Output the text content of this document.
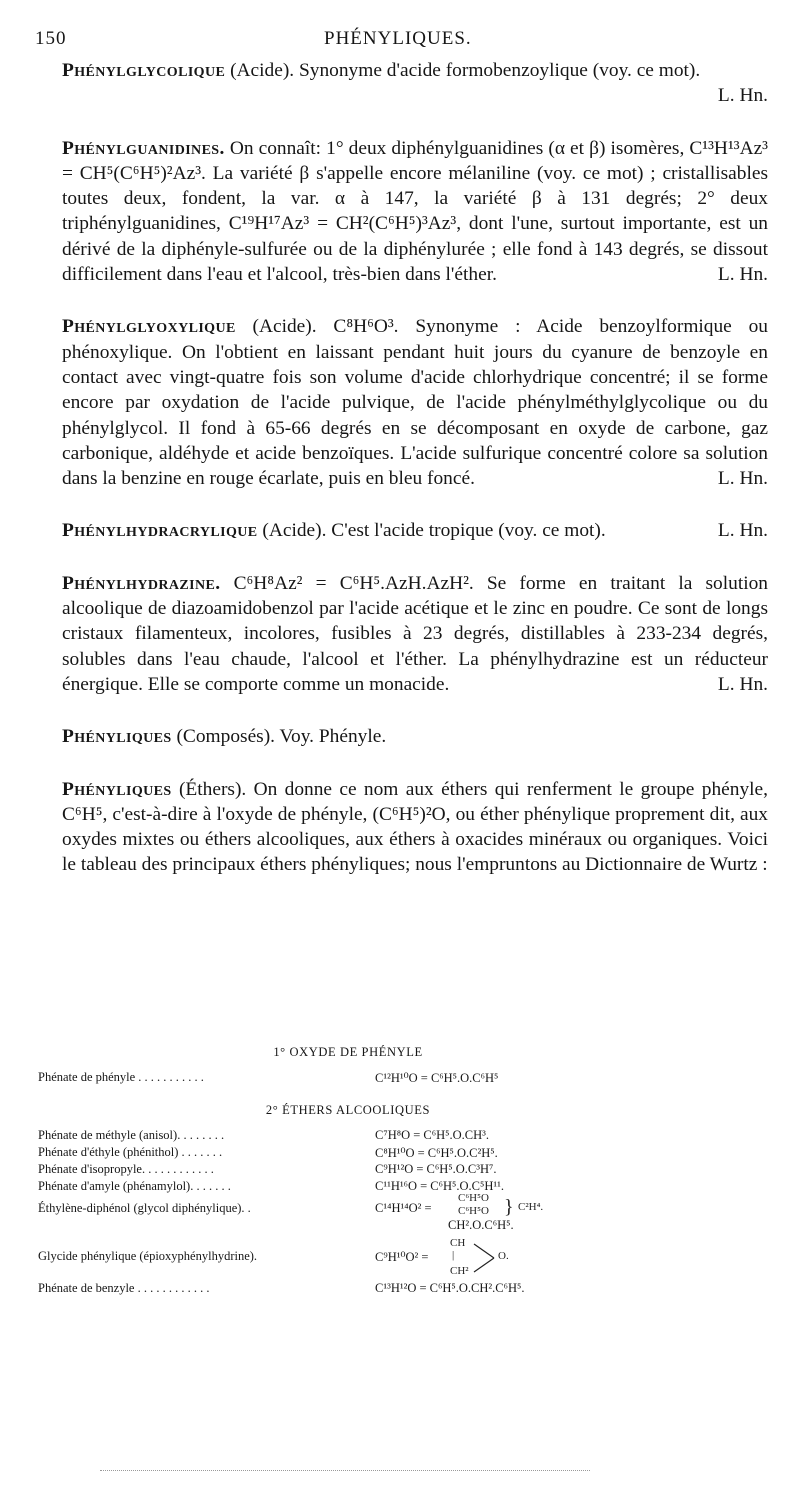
150	PHÉNYLIQUES.

Phénylglycolique (Acide). Synonyme d'acide formobenzoylique (voy. ce mot).
L. Hn.

Phénylguanidines. On connaît: 1° deux diphénylguanidines (α et β) isomères, C¹³H¹³Az³ = CH⁵(C⁶H⁵)²Az³. La variété β s'appelle encore mélaniline (voy. ce mot) ; cristallisables toutes deux, fondent, la var. α à 147, la variété β à 131 degrés; 2° deux triphénylguanidines, C¹⁹H¹⁷Az³ = CH²(C⁶H⁵)³Az³, dont l'une, surtout importante, est un dérivé de la diphényle-sulfurée ou de la diphénylurée ; elle fond à 143 degrés, se dissout difficilement dans l'eau et l'alcool, très-bien dans l'éther.	L. Hn.

Phénylglyoxylique (Acide). C⁸H⁶O³. Synonyme : Acide benzoylformique ou phénoxylique. On l'obtient en laissant pendant huit jours du cyanure de benzoyle en contact avec vingt-quatre fois son volume d'acide chlorhydrique concentré; il se forme encore par oxydation de l'acide pulvique, de l'acide phénylméthylglycolique ou du phénylglycol. Il fond à 65-66 degrés en se décomposant en oxyde de carbone, gaz carbonique, aldéhyde et acide benzoïques. L'acide sulfurique concentré colore sa solution dans la benzine en rouge écarlate, puis en bleu foncé.	L. Hn.

Phénylhydracrylique (Acide). C'est l'acide tropique (voy. ce mot).	L. Hn.

Phénylhydrazine. C⁶H⁸Az² = C⁶H⁵.AzH.AzH². Se forme en traitant la solution alcoolique de diazoamidobenzol par l'acide acétique et le zinc en poudre. Ce sont de longs cristaux filamenteux, incolores, fusibles à 23 degrés, distillables à 233-234 degrés, solubles dans l'eau chaude, l'alcool et l'éther. La phénylhydrazine est un réducteur énergique. Elle se comporte comme un monacide.	L. Hn.

Phényliques (Composés). Voy. Phényle.

Phényliques (Éthers). On donne ce nom aux éthers qui renferment le groupe phényle, C⁶H⁵, c'est-à-dire à l'oxyde de phényle, (C⁶H⁵)²O, ou éther phénylique proprement dit, aux oxydes mixtes ou éthers alcooliques, aux éthers à oxacides minéraux ou organiques. Voici le tableau des principaux éthers phényliques; nous l'empruntons au Dictionnaire de Wurtz :

1° OXYDE DE PHÉNYLE
Phénate de phényle . . . . . . . . . . .	C¹²H¹⁰O = C⁶H⁵.O.C⁶H⁵
2° ÉTHERS ALCOOLIQUES
Phénate de méthyle (anisol). . . . . . . .	C⁷H⁸O = C⁶H⁵.O.CH³.
Phénate d'éthyle (phénithol) . . . . . . .	C⁸H¹⁰O = C⁶H⁵.O.C²H⁵.
Phénate d'isopropyle. . . . . . . . . . . .	C⁹H¹²O = C⁶H⁵.O.C³H⁷.
Phénate d'amyle (phénamylol). . . . . . .	C¹¹H¹⁶O = C⁶H⁵.O.C⁵H¹¹.
Éthylène-diphénol (glycol diphénylique). .	C¹⁴H¹⁴O² =
C⁶H⁵O
C⁶H⁵O } C²H⁴.
CH².O.C⁶H⁵.
Glycide phénylique (épioxyphénylhydrine).	C⁹H¹⁰O² =
CH
|
CH²
O.
Phénate de benzyle . . . . . . . . . . . .	C¹³H¹²O = C⁶H⁵.O.CH².C⁶H⁵.
